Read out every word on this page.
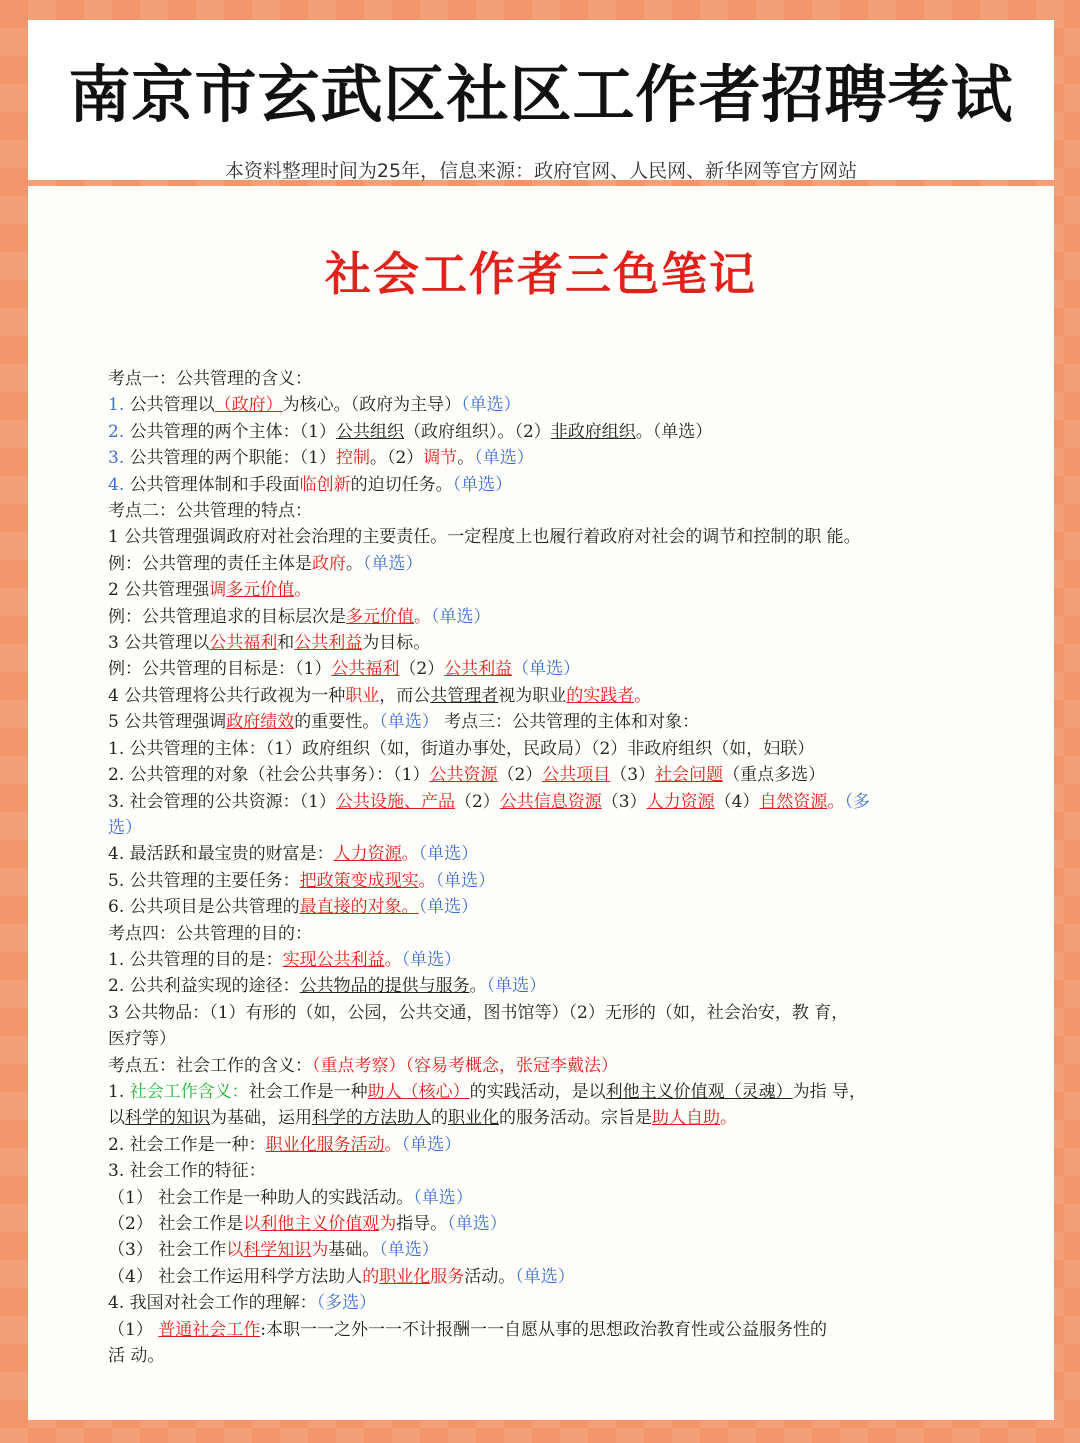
南京市玄武区社区工作者招聘考试
本资料整理时间为25年，信息来源：政府官网、人民网、新华网等官方网站
社会工作者三色笔记
考点一：公共管理的含义：
1. 公共管理以（政府）为核心。（政府为主导）（单选）
2. 公共管理的两个主体：（1）公共组织（政府组织）。（2）非政府组织。（单选）
3. 公共管理的两个职能：（1）控制。（2）调节。（单选）
4. 公共管理体制和手段面临创新的迫切任务。（单选）
考点二：公共管理的特点：
1 公共管理强调政府对社会治理的主要责任。一定程度上也履行着政府对社会的调节和控制的职 能。
例：公共管理的责任主体是政府。（单选）
2 公共管理强调多元价值。
例：公共管理追求的目标层次是多元价值。（单选）
3 公共管理以公共福利和公共利益为目标。
例：公共管理的目标是：（1）公共福利（2）公共利益（单选）
4 公共管理将公共行政视为一种职业，而公共管理者视为职业的实践者。
5 公共管理强调政府绩效的重要性。（单选） 考点三：公共管理的主体和对象：
1. 公共管理的主体：（1）政府组织（如，街道办事处，民政局）（2）非政府组织（如，妇联）
2. 公共管理的对象（社会公共事务）：（1）公共资源（2）公共项目（3）社会问题（重点多选）
3. 社会管理的公共资源：（1）公共设施、产品（2）公共信息资源（3）人力资源（4）自然资源。（多
选）
4. 最活跃和最宝贵的财富是：人力资源。（单选）
5. 公共管理的主要任务：把政策变成现实。（单选）
6. 公共项目是公共管理的最直接的对象。（单选）
考点四：公共管理的目的：
1. 公共管理的目的是：实现公共利益。（单选）
2. 公共利益实现的途径：公共物品的提供与服务。（单选）
3 公共物品：（1）有形的（如，公园，公共交通，图书馆等）（2）无形的（如，社会治安，教 育，
医疗等）
考点五：社会工作的含义：（重点考察）（容易考概念，张冠李戴法）
1. 社会工作含义：社会工作是一种助人（核心）的实践活动，是以利他主义价值观（灵魂）为指 导，
以科学的知识为基础，运用科学的方法助人的职业化的服务活动。宗旨是助人自助。
2. 社会工作是一种：职业化服务活动。（单选）
3. 社会工作的特征：
（1） 社会工作是一种助人的实践活动。（单选）
（2） 社会工作是以利他主义价值观为指导。（单选）
（3） 社会工作以科学知识为基础。（单选）
（4） 社会工作运用科学方法助人的职业化服务活动。（单选）
4. 我国对社会工作的理解：（多选）
（1） 普通社会工作:本职一一之外一一不计报酬一一自愿从事的思想政治教育性或公益服务性的
活 动。
